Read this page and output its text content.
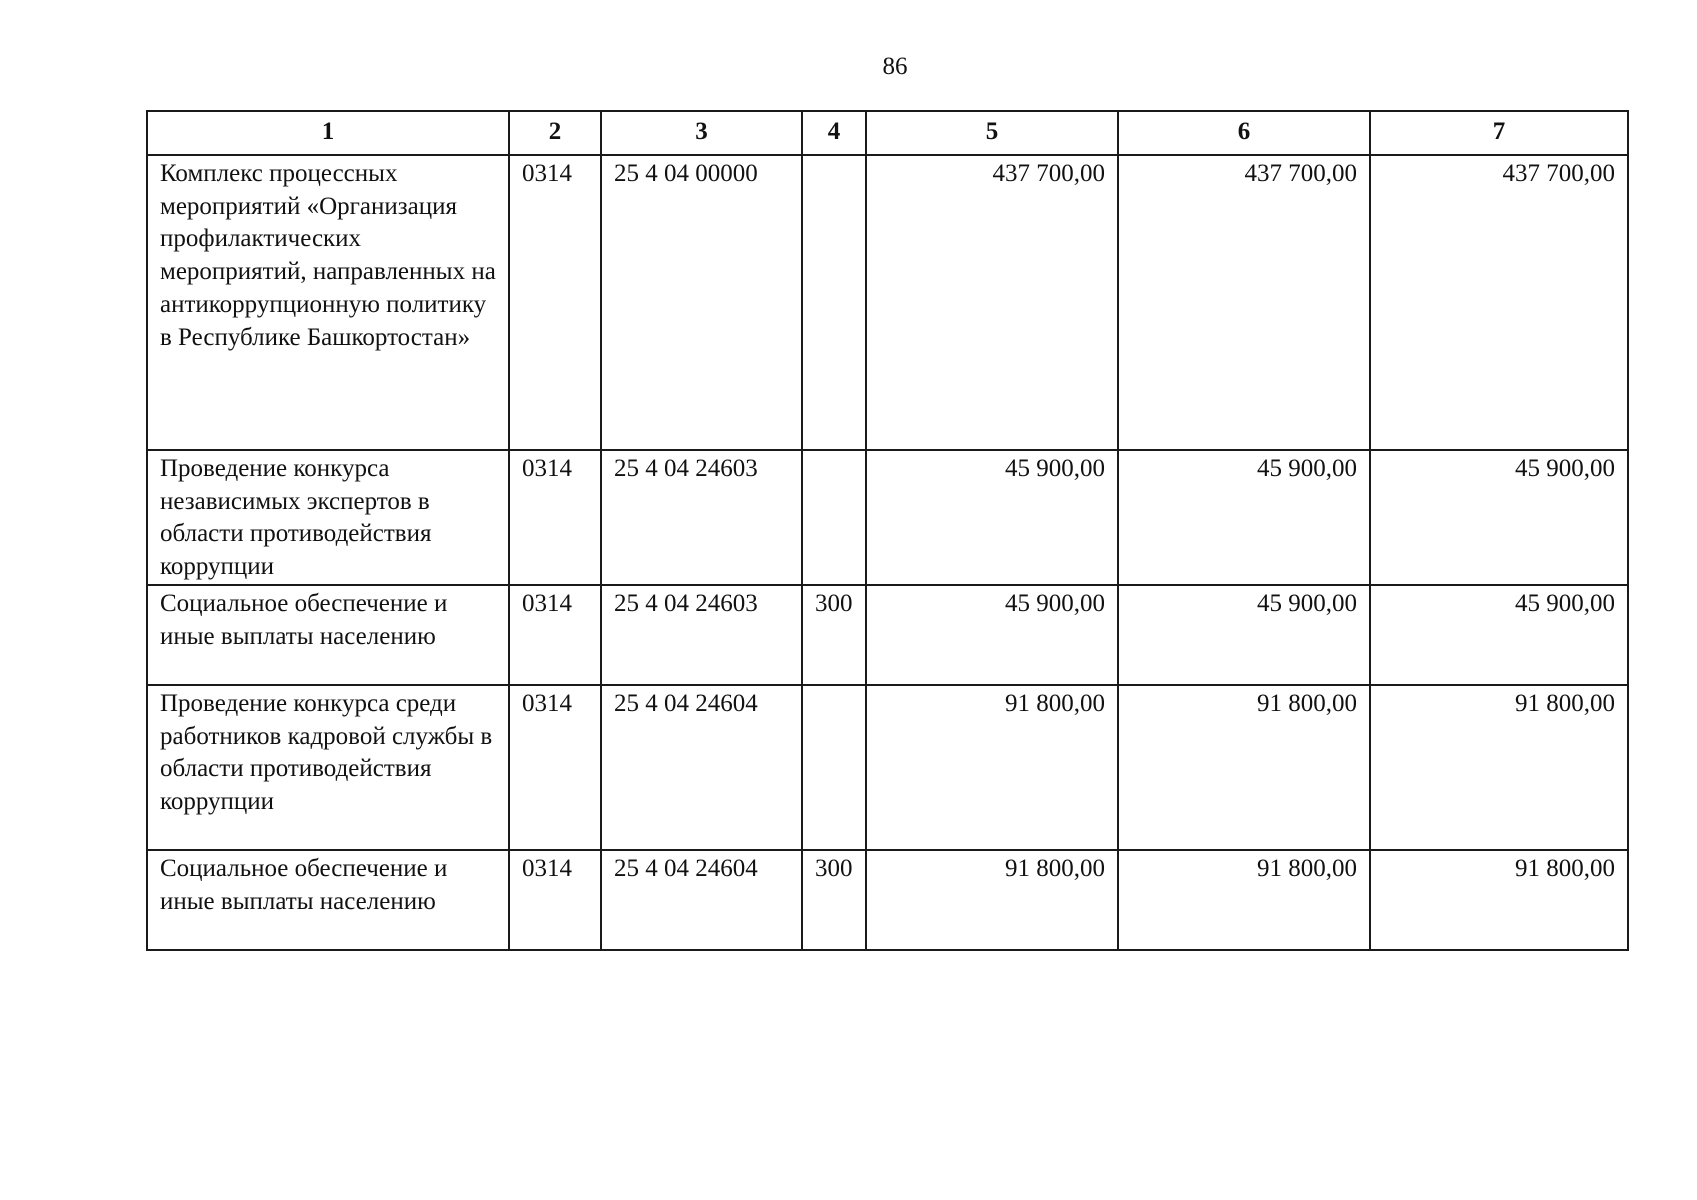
86
1	2	3	4	5	6	7
Комплекс процессных мероприятий «Организация профилактических мероприятий, направленных на антикоррупционную политику в Республике Башкортостан»	0314	25 4 04 00000		437 700,00	437 700,00	437 700,00
Проведение конкурса независимых экспертов в области противодействия коррупции	0314	25 4 04 24603		45 900,00	45 900,00	45 900,00
Социальное обеспечение и иные выплаты населению	0314	25 4 04 24603	300	45 900,00	45 900,00	45 900,00
Проведение конкурса среди работников кадровой службы в области противодействия коррупции	0314	25 4 04 24604		91 800,00	91 800,00	91 800,00
Социальное обеспечение и иные выплаты населению	0314	25 4 04 24604	300	91 800,00	91 800,00	91 800,00
